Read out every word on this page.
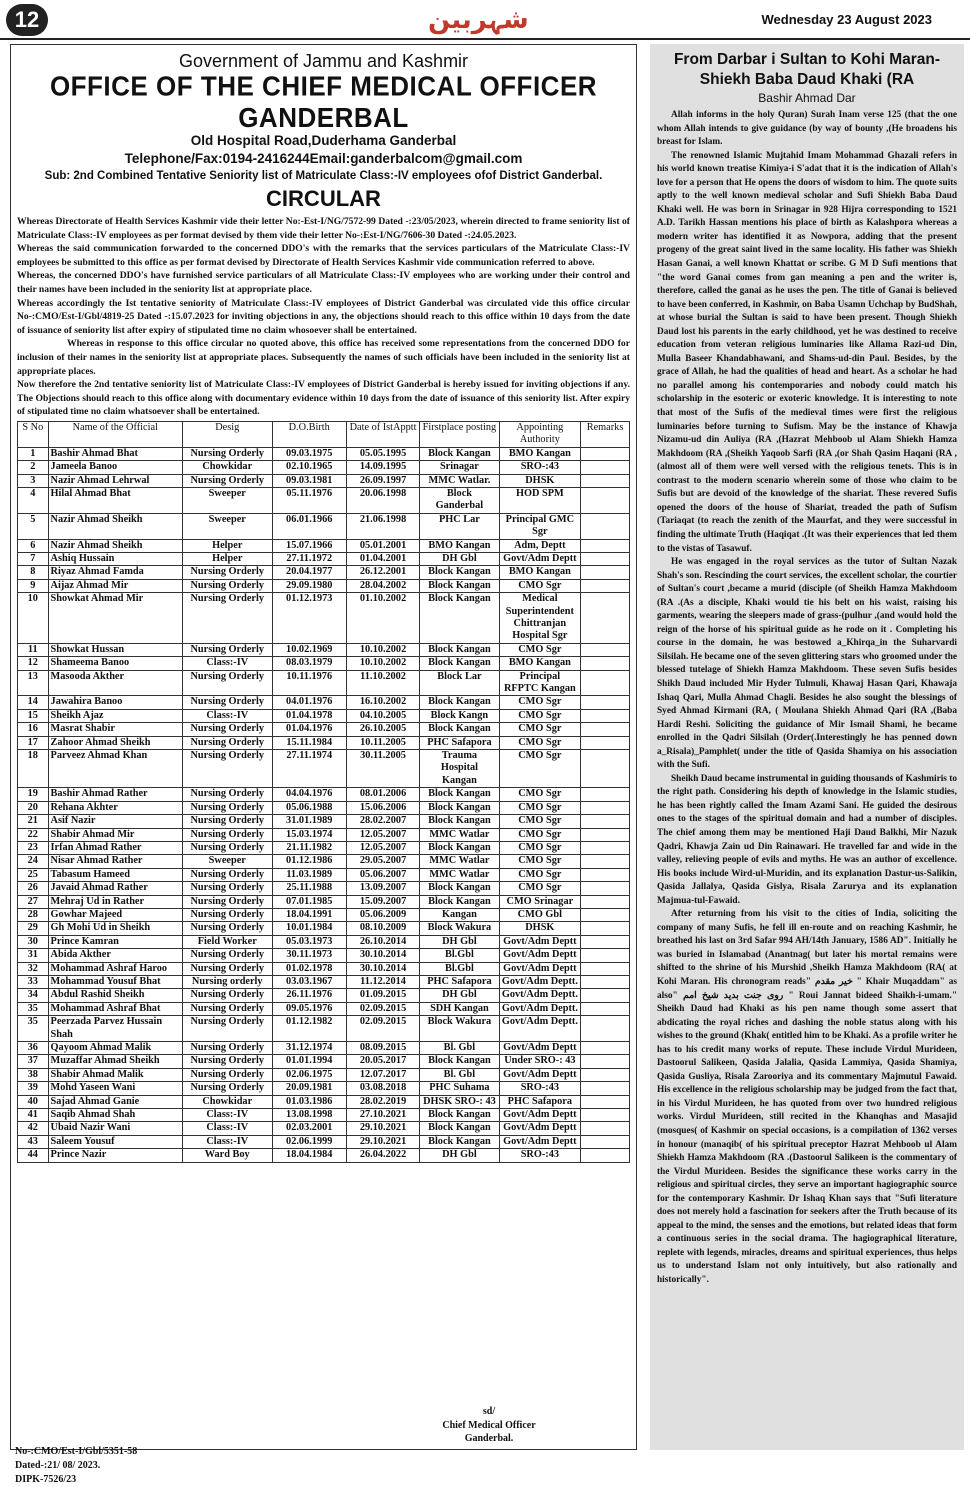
12	شہربین	Wednesday 23 August 2023
Government of Jammu and Kashmir
OFFICE OF THE CHIEF MEDICAL OFFICER GANDERBAL
Old Hospital Road,Duderhama Ganderbal
Telephone/Fax:0194-2416244Email:ganderbalcom@gmail.com
Sub: 2nd Combined Tentative Seniority list of Matriculate Class:-IV employees ofof District Ganderbal.
CIRCULAR

Whereas Directorate of Health Services Kashmir vide their letter No:-Est-I/NG/7572-99 Dated -:23/05/2023, wherein directed to frame seniority list of Matriculate Class:-IV employees as per format devised by them vide their letter No-:Est-I/NG/7606-30 Dated -:24.05.2023.

Whereas the said communication forwarded to the concerned DDO's with the remarks that the services particulars of the Matriculate Class:-IV employees be submitted to this office as per format devised by Directorate of Health Services Kashmir vide communication referred to above.

Whereas, the concerned DDO's have furnished service particulars of all Matriculate Class:-IV employees who are working under their control and their names have been included in the seniority list at appropriate place.

Whereas accordingly the Ist tentative seniority of Matriculate Class:-IV employees of District Ganderbal was circulated vide this office circular No-:CMO/Est-I/Gbl/4819-25 Dated -:15.07.2023 for inviting objections in any, the objections should reach to this office within 10 days from the date of issuance of seniority list after expiry of stipulated time no claim whosoever shall be entertained.

Whereas in response to this office circular no quoted above, this office has received some representations from the concerned DDO for inclusion of their names in the seniority list at appropriate places. Subsequently the names of such officials have been included in the seniority list at appropriate places.

Now therefore the 2nd tentative seniority list of Matriculate Class:-IV employees of District Ganderbal is hereby issued for inviting objections if any. The Objections should reach to this office along with documentary evidence within 10 days from the date of issuance of this seniority list. After expiry of stipulated time no claim whatsoever shall be entertained.

S No	Name of the Official	Desig	D.O.Birth	Date of IstApptt	Firstplace posting	Appointing Authority	Remarks
1	Bashir Ahmad Bhat	Nursing Orderly	09.03.1975	05.05.1995	Block Kangan	BMO Kangan	
2	Jameela Banoo	Chowkidar	02.10.1965	14.09.1995	Srinagar	SRO-:43	
3	Nazir Ahmad Lehrwal	Nursing Orderly	09.03.1981	26.09.1997	MMC Watlar.	DHSK	
4	Hilal Ahmad Bhat	Sweeper	05.11.1976	20.06.1998	Block Ganderbal	HOD SPM	
5	Nazir Ahmad Sheikh	Sweeper	06.01.1966	21.06.1998	PHC Lar	Principal GMC Sgr	
6	Nazir Ahmad Sheikh	Helper	15.07.1966	05.01.2001	BMO Kangan	Adm, Deptt	
7	Ashiq Hussain	Helper	27.11.1972	01.04.2001	DH Gbl	Govt/Adm Deptt	
8	Riyaz Ahmad Famda	Nursing Orderly	20.04.1977	26.12.2001	Block Kangan	BMO Kangan	
9	Aijaz Ahmad Mir	Nursing Orderly	29.09.1980	28.04.2002	Block Kangan	CMO Sgr	
10	Showkat Ahmad Mir	Nursing Orderly	01.12.1973	01.10.2002	Block Kangan	Medical Superintendent Chittranjan Hospital Sgr	
11	Showkat Hussan	Nursing Orderly	10.02.1969	10.10.2002	Block Kangan	CMO Sgr	
12	Shameema Banoo	Class:-IV	08.03.1979	10.10.2002	Block Kangan	BMO Kangan	
13	Masooda Akther	Nursing Orderly	10.11.1976	11.10.2002	Block Lar	Principal RFPTC Kangan	
14	Jawahira Banoo	Nursing Orderly	04.01.1976	16.10.2002	Block Kangan	CMO Sgr	
15	Sheikh Ajaz	Class:-IV	01.04.1978	04.10.2005	Block Kangn	CMO Sgr	
16	Masrat Shabir	Nursing Orderly	01.04.1976	26.10.2005	Block Kangan	CMO Sgr	
17	Zahoor Ahmad Sheikh	Nursing Orderly	15.11.1984	10.11.2005	PHC Safapora	CMO Sgr	
18	Parveez Ahmad Khan	Nursing Orderly	27.11.1974	30.11.2005	Trauma Hospital Kangan	CMO Sgr	
19	Bashir Ahmad Rather	Nursing Orderly	04.04.1976	08.01.2006	Block Kangan	CMO Sgr	
20	Rehana Akhter	Nursing Orderly	05.06.1988	15.06.2006	Block Kangan	CMO Sgr	
21	Asif Nazir	Nursing Orderly	31.01.1989	28.02.2007	Block Kangan	CMO Sgr	
22	Shabir Ahmad Mir	Nursing Orderly	15.03.1974	12.05.2007	MMC Watlar	CMO Sgr	
23	Irfan Ahmad Rather	Nursing Orderly	21.11.1982	12.05.2007	Block Kangan	CMO Sgr	
24	Nisar Ahmad Rather	Sweeper	01.12.1986	29.05.2007	MMC Watlar	CMO Sgr	
25	Tabasum Hameed	Nursing Orderly	11.03.1989	05.06.2007	MMC Watlar	CMO Sgr	
26	Javaid Ahmad Rather	Nursing Orderly	25.11.1988	13.09.2007	Block Kangan	CMO Sgr	
27	Mehraj Ud in Rather	Nursing Orderly	07.01.1985	15.09.2007	Block Kangan	CMO Srinagar	
28	Gowhar Majeed	Nursing Orderly	18.04.1991	05.06.2009	Kangan	CMO Gbl	
29	Gh Mohi Ud in Sheikh	Nursing Orderly	10.01.1984	08.10.2009	Block Wakura	DHSK	
30	Prince Kamran	Field Worker	05.03.1973	26.10.2014	DH Gbl	Govt/Adm Deptt	
31	Abida Akther	Nursing Orderly	30.11.1973	30.10.2014	Bl.Gbl	Govt/Adm Deptt	
32	Mohammad Ashraf Haroo	Nursing Orderly	01.02.1978	30.10.2014	Bl.Gbl	Govt/Adm Deptt	
33	Mohammad Yousuf Bhat	Nursing orderly	03.03.1967	11.12.2014	PHC Safapora	Govt/Adm Deptt.	
34	Abdul Rashid Sheikh	Nursing Orderly	26.11.1976	01.09.2015	DH Gbl	Govt/Adm Deptt.	
35	Mohammad Ashraf Bhat	Nursing Orderly	09.05.1976	02.09.2015	SDH Kangan	Govt/Adm Deptt.	
35	Peerzada Parvez Hussain Shah	Nursing Orderly	01.12.1982	02.09.2015	Block Wakura	Govt/Adm Deptt.	
36	Qayoom Ahmad Malik	Nursing Orderly	31.12.1974	08.09.2015	Bl. Gbl	Govt/Adm Deptt	
37	Muzaffar Ahmad Sheikh	Nursing Orderly	01.01.1994	20.05.2017	Block Kangan	Under SRO-: 43	
38	Shabir Ahmad Malik	Nursing Orderly	02.06.1975	12.07.2017	Bl. Gbl	Govt/Adm Deptt	
39	Mohd Yaseen Wani	Nursing Orderly	20.09.1981	03.08.2018	PHC Suhama	SRO-:43	
40	Sajad Ahmad Ganie	Chowkidar	01.03.1986	28.02.2019	DHSK SRO-: 43	PHC Safapora	
41	Saqib Ahmad Shah	Class:-IV	13.08.1998	27.10.2021	Block Kangan	Govt/Adm Deptt	
42	Ubaid Nazir Wani	Class:-IV	02.03.2001	29.10.2021	Block Kangan	Govt/Adm Deptt	
43	Saleem Yousuf	Class:-IV	02.06.1999	29.10.2021	Block Kangan	Govt/Adm Deptt	
44	Prince Nazir	Ward Boy	18.04.1984	26.04.2022	DH Gbl	SRO-:43	
sd/
Chief Medical Officer
Ganderbal.
No-:CMO/Est-I/Gbl/5351-58
Dated-:21/ 08/ 2023.
DIPK-7526/23
From Darbar i Sultan to Kohi Maran-Shiekh Baba Daud Khaki (RA
Bashir Ahmad Dar

Allah informs in the holy Quran) Surah Inam verse 125 (that the one whom Allah intends to give guidance (by way of bounty ,(He broadens his breast for Islam.

The renowned Islamic Mujtahid Imam Mohammad Ghazali refers in his world known treatise Kimiya-i S'adat that it is the indication of Allah's love for a person that He opens the doors of wisdom to him. The quote suits aptly to the well known medieval scholar and Sufi Shiekh Baba Daud Khaki well. He was born in Srinagar in 928 Hijra corresponding to 1521 A.D. Tarikh Hassan mentions his place of birth as Kalashpora whereas a modern writer has identified it as Nowpora, adding that the present progeny of the great saint lived in the same locality. His father was Shiekh Hasan Ganai, a well known Khattat or scribe. G M D Sufi mentions that "the word Ganai comes from gan meaning a pen and the writer is, therefore, called the ganai as he uses the pen. The title of Ganai is believed to have been conferred, in Kashmir, on Baba Usamn Uchchap by BudShah, at whose burial the Sultan is said to have been present. Though Shiekh Daud lost his parents in the early childhood, yet he was destined to receive education from veteran religious luminaries like Allama Razi-ud Din, Mulla Baseer Khandabhawani, and Shams-ud-din Paul. Besides, by the grace of Allah, he had the qualities of head and heart. As a scholar he had no parallel among his contemporaries and nobody could match his scholarship in the esoteric or exoteric knowledge. It is interesting to note that most of the Sufis of the medieval times were first the religious luminaries before turning to Sufism. May be the instance of Khawja Nizamu-ud din Auliya (RA ,(Hazrat Mehboob ul Alam Shiekh Hamza Makhdoom (RA ,(Sheikh Yaqoob Sarfi (RA ,(or Shah Qasim Haqani (RA ,(almost all of them were well versed with the religious tenets. This is in contrast to the modern scenario wherein some of those who claim to be Sufis but are devoid of the knowledge of the shariat. These revered Sufis opened the doors of the house of Shariat, treaded the path of Sufism (Tariaqat (to reach the zenith of the Maurfat, and they were successful in finding the ultimate Truth (Haqiqat .(It was their experiences that led them to the vistas of Tasawuf.

He was engaged in the royal services as the tutor of Sultan Nazak Shah's son. Rescinding the court services, the excellent scholar, the courtier of Sultan's court ,became a murid (disciple (of Sheikh Hamza Makhdoom (RA .(As a disciple, Khaki would tie his belt on his waist, raising his garments, wearing the sleepers made of grass-(pulhur ,(and would hold the reign of the horse of his spiritual guide as he rode on it . Completing his course in the domain, he was bestowed a_Khirqa_in the Suharvardi Silsilah. He became one of the seven glittering stars who groomed under the blessed tutelage of Shiekh Hamza Makhdoom. These seven Sufis besides Shikh Daud included Mir Hyder Tulmuli, Khawaj Hasan Qari, Khawaja Ishaq Qari, Mulla Ahmad Chagli. Besides he also sought the blessings of Syed Ahmad Kirmani (RA, ( Moulana Shiekh Ahmad Qari (RA ,(Baba Hardi Reshi. Soliciting the guidance of Mir Ismail Shami, he became enrolled in the Qadri Silsilah (Order(.Interestingly he has penned down a_Risala)_Pamphlet( under the title of Qasida Shamiya on his association with the Sufi.

Sheikh Daud became instrumental in guiding thousands of Kashmiris to the right path. Considering his depth of knowledge in the Islamic studies, he has been rightly called the Imam Azami Sani. He guided the desirous ones to the stages of the spiritual domain and had a number of disciples. The chief among them may be mentioned Haji Daud Balkhi, Mir Nazuk Qadri, Khawja Zain ud Din Rainawari. He travelled far and wide in the valley, relieving people of evils and myths. He was an author of excellence. His books include Wird-ul-Muridin, and its explanation Dastur-us-Salikin, Qasida Jallalya, Qasida Gislya, Risala Zarurya and its explanation Majmua-tul-Fawaid.

After returning from his visit to the cities of India, soliciting the company of many Sufis, he fell ill en-route and on reaching Kashmir, he breathed his last on 3rd Safar 994 AH/14th January, 1586 AD". Initially he was buried in Islamabad (Anantnag( but later his mortal remains were shifted to the shrine of his Murshid ,Sheikh Hamza Makhdoom (RA( at Kohi Maran. His chronogram reads" خیر مقدم " Khair Muqaddam" as also" روی جنت بدید شیخ امم " Roui Jannat bideed Shaikh-i-umam." Sheikh Daud had Khaki as his pen name though some assert that abdicating the royal riches and dashing the noble status along with his wishes to the ground (Khak( entitled him to be Khaki. As a profile writer he has to his credit many works of repute. These include Virdul Murideen, Dastoorul Salikeen, Qasida Jalalia, Qasida Lammiya, Qasida Shamiya, Qasida Gusliya, Risala Zarooriya and its commentary Majmutul Fawaid. His excellence in the religious scholarship may be judged from the fact that, in his Virdul Murideen, he has quoted from over two hundred religious works. Virdul Murideen, still recited in the Khanqhas and Masajid (mosques( of Kashmir on special occasions, is a compilation of 1362 verses in honour (manaqib( of his spiritual preceptor Hazrat Mehboob ul Alam Shiekh Hamza Makhdoom (RA .(Dastoorul Salikeen is the commentary of the Virdul Murideen. Besides the significance these works carry in the religious and spiritual circles, they serve an important hagiographic source for the contemporary Kashmir. Dr Ishaq Khan says that "Sufi literature does not merely hold a fascination for seekers after the Truth because of its appeal to the mind, the senses and the emotions, but related ideas that form a continuous series in the social drama. The hagiographical literature, replete with legends, miracles, dreams and spiritual experiences, thus helps us to understand Islam not only intuitively, but also rationally and historically".
